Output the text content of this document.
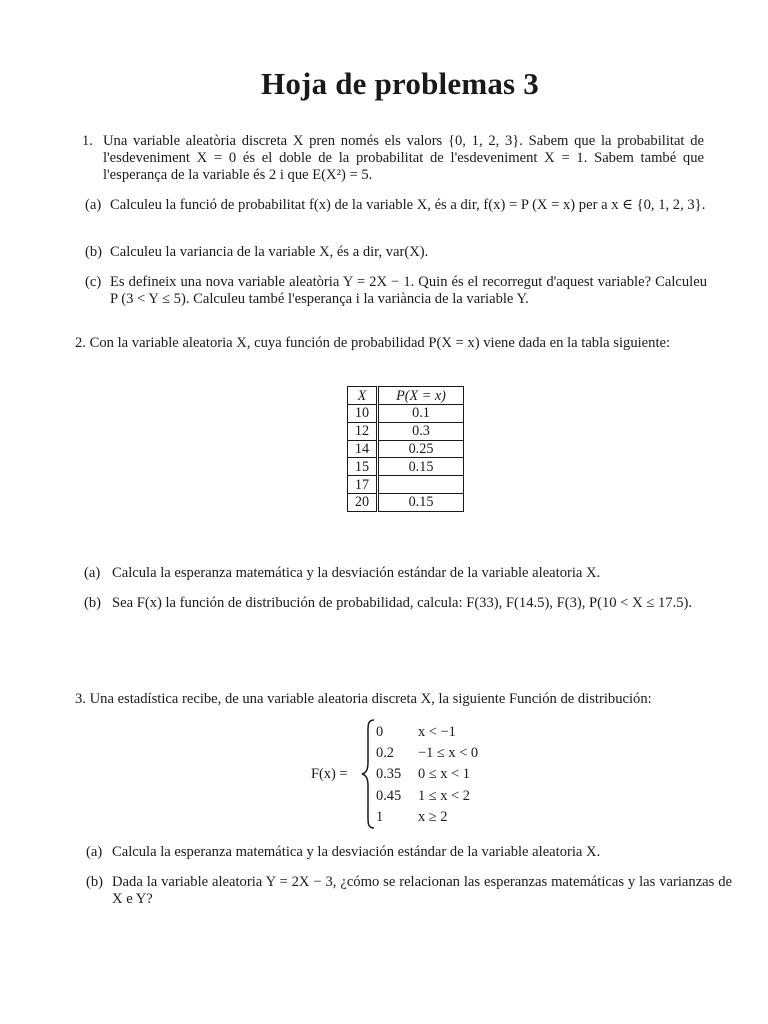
Hoja de problemas 3
1. Una variable aleatòria discreta X pren només els valors {0, 1, 2, 3}. Sabem que la probabilitat de l'esdeveniment X = 0 és el doble de la probabilitat de l'esdeveniment X = 1. Sabem també que l'esperança de la variable és 2 i que E(X²) = 5.
(a) Calculeu la funció de probabilitat f(x) de la variable X, és a dir, f(x) = P (X = x) per a x ∈ {0, 1, 2, 3}.
(b) Calculeu la variancia de la variable X, és a dir, var(X).
(c) Es defineix una nova variable aleatòria Y = 2X − 1. Quin és el recorregut d'aquest variable? Calculeu P (3 < Y ≤ 5). Calculeu també l'esperança i la variància de la variable Y.
2. Con la variable aleatoria X, cuya función de probabilidad P(X = x) viene dada en la tabla siguiente:
X	P(X = x)
10	0.1
12	0.3
14	0.25
15	0.15
17	
20	0.15
(a) Calcula la esperanza matemática y la desviación estándar de la variable aleatoria X.
(b) Sea F(x) la función de distribución de probabilidad, calcula: F(33), F(14.5), F(3), P(10 < X ≤ 17.5).
3. Una estadística recibe, de una variable aleatoria discreta X, la siguiente Función de distribución:
F(x) =
0 x < −1
0.2 −1 ≤ x < 0
0.35 0 ≤ x < 1
0.45 1 ≤ x < 2
1 x ≥ 2
(a) Calcula la esperanza matemática y la desviación estándar de la variable aleatoria X.
(b) Dada la variable aleatoria Y = 2X − 3, ¿cómo se relacionan las esperanzas matemáticas y las varianzas de X e Y?
